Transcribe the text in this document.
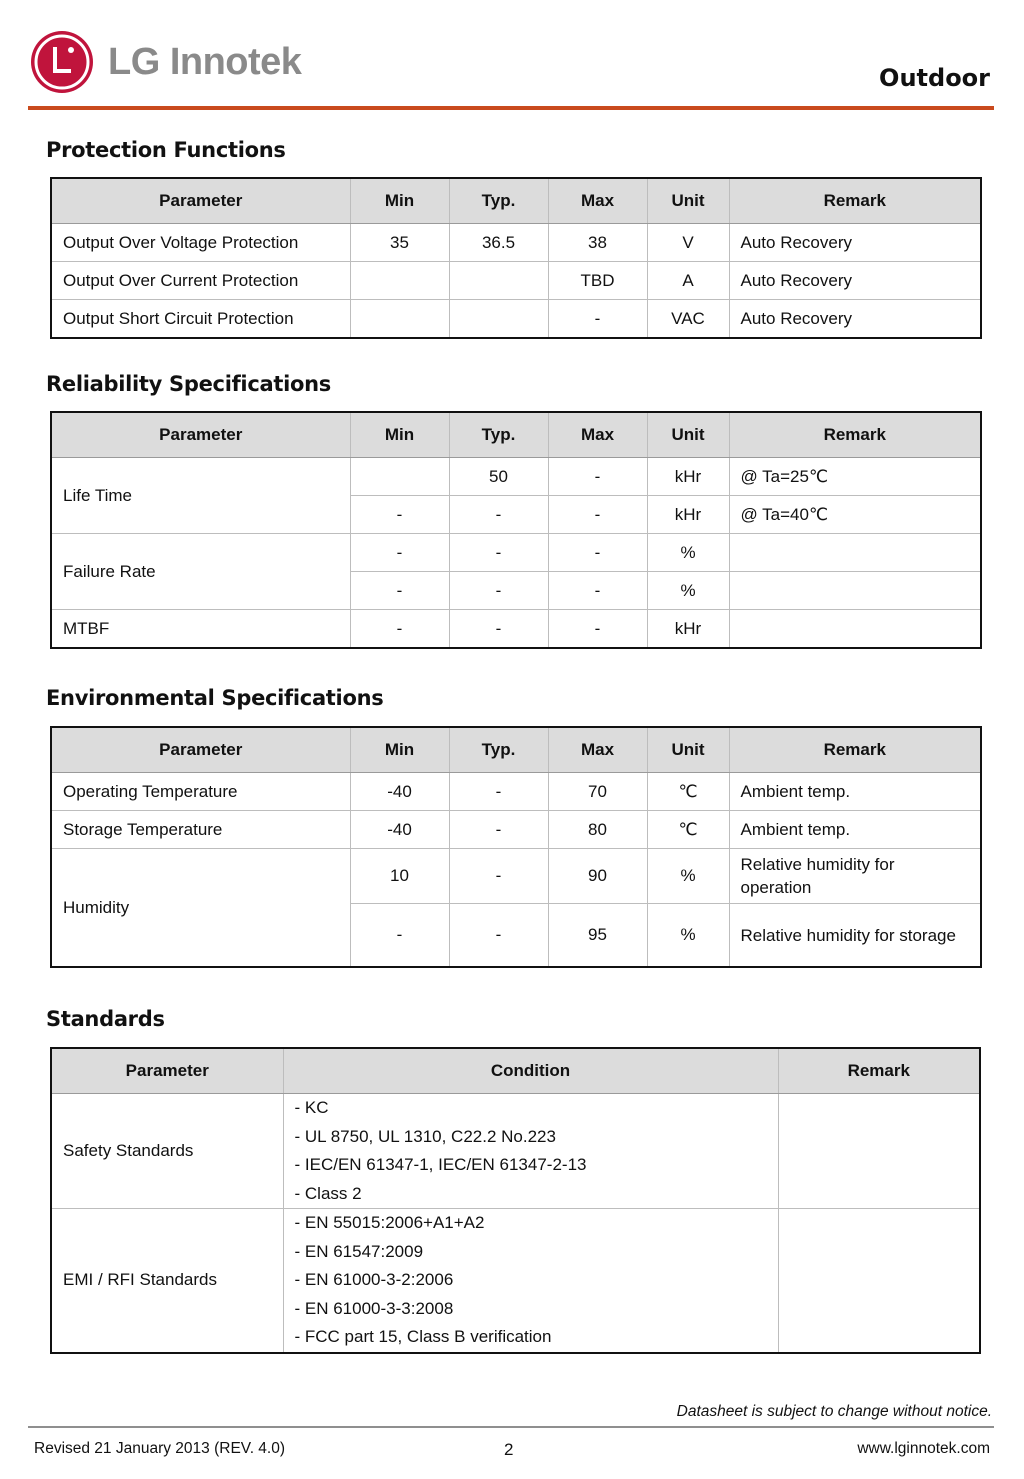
LG Innotek	Outdoor
Protection Functions
Parameter	Min	Typ.	Max	Unit	Remark
Output Over Voltage Protection	35	36.5	38	V	Auto Recovery
Output Over Current Protection			TBD	A	Auto Recovery
Output Short Circuit Protection			-	VAC	Auto Recovery
Reliability Specifications
Parameter	Min	Typ.	Max	Unit	Remark
Life Time		50	-	kHr	@ Ta=25℃
	-	-	-	kHr	@ Ta=40℃
Failure Rate	-	-	-	%	
	-	-	-	%	
MTBF	-	-	-	kHr	
Environmental Specifications
Parameter	Min	Typ.	Max	Unit	Remark
Operating Temperature	-40	-	70	℃	Ambient temp.
Storage Temperature	-40	-	80	℃	Ambient temp.
Humidity	10	-	90	%	Relative humidity for operation
	-	-	95	%	Relative humidity for storage
Standards
Parameter	Condition	Remark
Safety Standards	- KC
- UL 8750, UL 1310, C22.2 No.223
- IEC/EN 61347-1, IEC/EN 61347-2-13
- Class 2	

EMI / RFI Standards	- EN 55015:2006+A1+A2
- EN 61547:2009
- EN 61000-3-2:2006
- EN 61000-3-3:2008
- FCC part 15, Class B verification	

Datasheet is subject to change without notice.
Revised 21 January 2013 (REV. 4.0)	2	www.lginnotek.com
